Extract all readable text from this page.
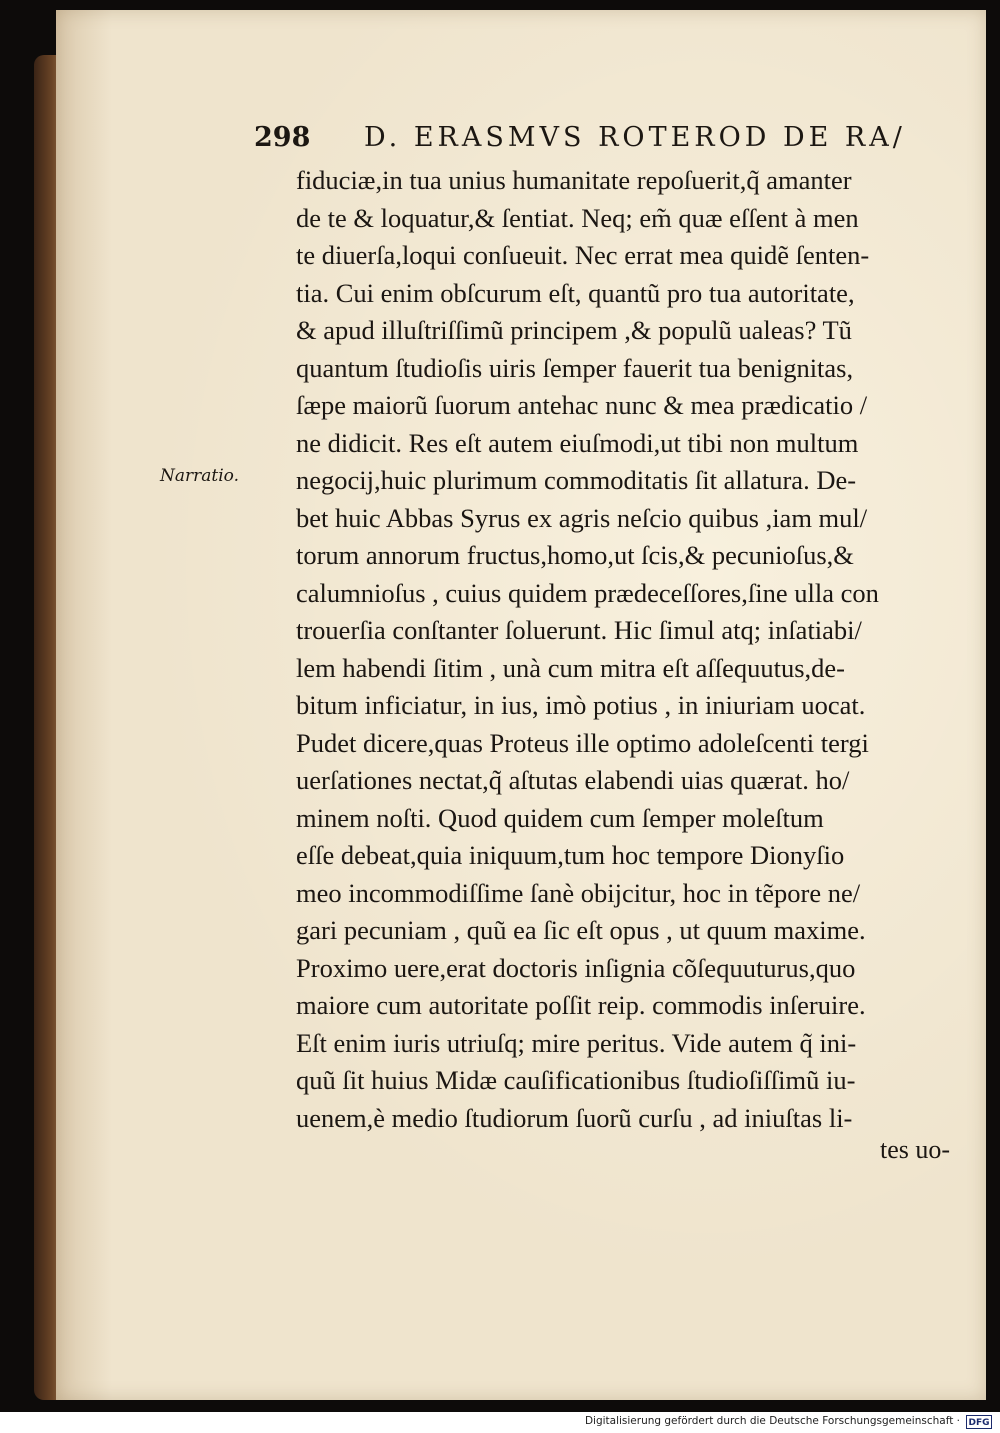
298 D. ERASMVS ROTEROD DE RA/
Narratio.
fiduciæ,in tua unius humanitate repoſuerit,q̃ amanter
de te & loquatur,& ſentiat. Neq; em̃ quæ eſſent à men
te diuerſa,loqui conſueuit. Nec errat mea quidẽ ſenten-
tia. Cui enim obſcurum eſt, quantũ pro tua autoritate,
& apud illuſtriſſimũ principem ,& populũ ualeas? Tũ
quantum ſtudioſis uiris ſemper fauerit tua benignitas,
ſæpe maiorũ ſuorum antehac nunc & mea prædicatio /
ne didicit. Res eſt autem eiuſmodi,ut tibi non multum
negocij,huic plurimum commoditatis ſit allatura. De-
bet huic Abbas Syrus ex agris neſcio quibus ,iam mul/
torum annorum fructus,homo,ut ſcis,& pecunioſus,&
calumnioſus , cuius quidem prædeceſſores,ſine ulla con
trouerſia conſtanter ſoluerunt. Hic ſimul atq; inſatiabi/
lem habendi ſitim , unà cum mitra eſt aſſequutus,de-
bitum inficiatur, in ius, imò potius , in iniuriam uocat.
Pudet dicere,quas Proteus ille optimo adoleſcenti tergi
uerſationes nectat,q̃ aſtutas elabendi uias quærat. ho/
minem noſti. Quod quidem cum ſemper moleſtum
eſſe debeat,quia iniquum,tum hoc tempore Dionyſio
meo incommodiſſime ſanè obijcitur, hoc in tẽpore ne/
gari pecuniam , quũ ea ſic eſt opus , ut quum maxime.
Proximo uere,erat doctoris inſignia cõſequuturus,quo
maiore cum autoritate poſſit reip. commodis inſeruire.
Eſt enim iuris utriuſq; mire peritus. Vide autem q̃ ini-
quũ ſit huius Midæ cauſificationibus ſtudioſiſſimũ iu-
uenem,è medio ſtudiorum ſuorũ curſu , ad iniuſtas li-
tes uo-
Digitalisierung gefördert durch die Deutsche Forschungsgemeinschaft · DFG
